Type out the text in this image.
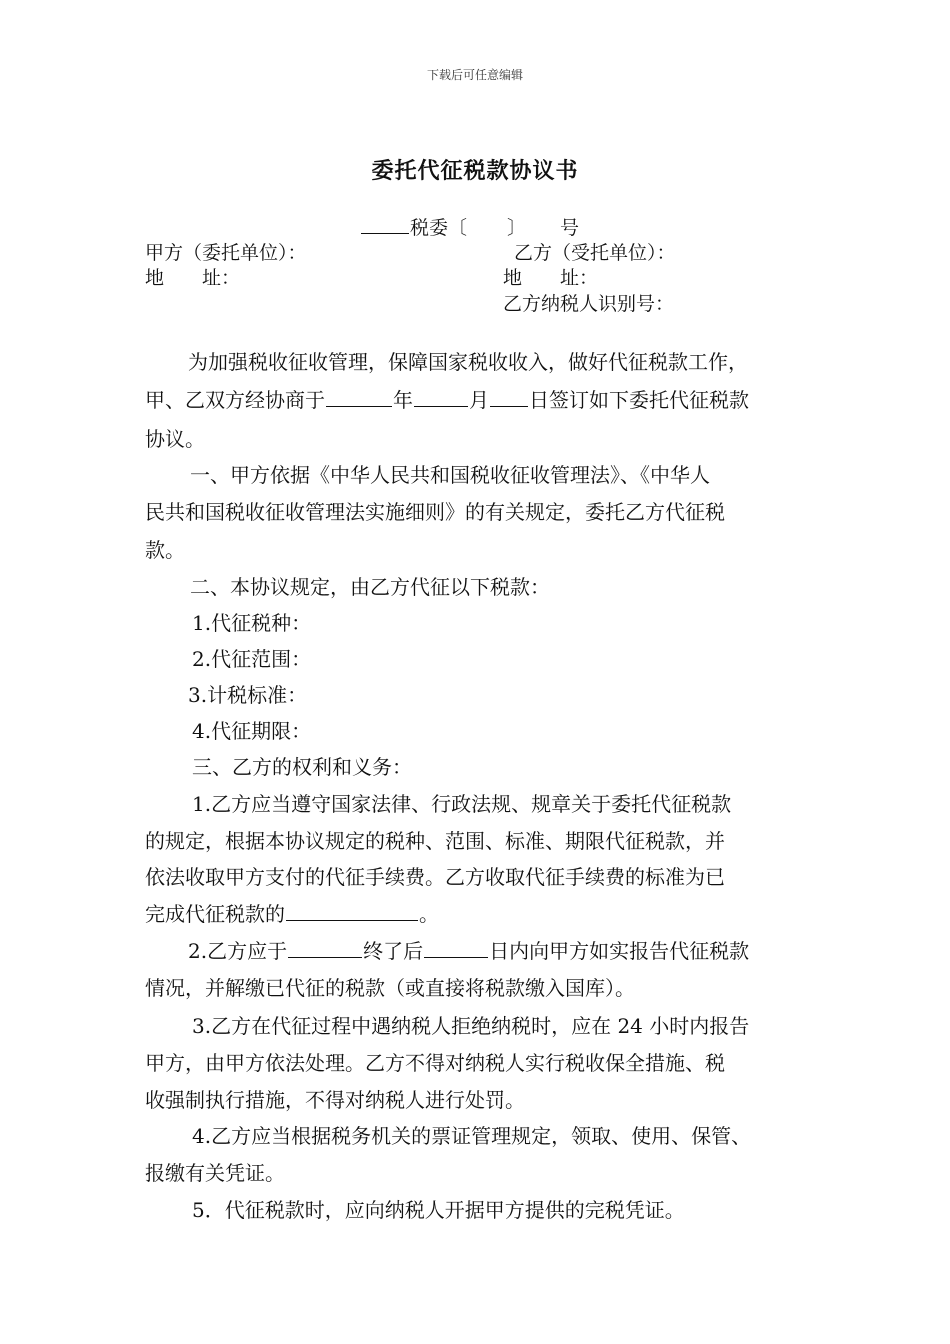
下载后可任意编辑
委托代征税款协议书
税委〔 〕 号
甲方（委托单位）：	乙方（受托单位）：
地　　址：	地　　址：
乙方纳税人识别号：
为加强税收征收管理，保障国家税收收入，做好代征税款工作，
甲、乙双方经协商于	年	月 日签订如下委托代征税款
协议。
一、甲方依据《中华人民共和国税收征收管理法》、《中华人
民共和国税收征收管理法实施细则》的有关规定，委托乙方代征税
款。
二、本协议规定，由乙方代征以下税款：
1.代征税种：
2.代征范围：
3.计税标准：
4.代征期限：
三、乙方的权利和义务：
1.乙方应当遵守国家法律、行政法规、规章关于委托代征税款
的规定，根据本协议规定的税种、范围、标准、期限代征税款，并
依法收取甲方支付的代征手续费。乙方收取代征手续费的标准为已
完成代征税款的	。
2.乙方应于	终了后	日内向甲方如实报告代征税款
情况，并解缴已代征的税款（或直接将税款缴入国库）。
3.乙方在代征过程中遇纳税人拒绝纳税时，应在 24 小时内报告
甲方，由甲方依法处理。乙方不得对纳税人实行税收保全措施、税
收强制执行措施，不得对纳税人进行处罚。
4.乙方应当根据税务机关的票证管理规定，领取、使用、保管、
报缴有关凭证。
5．代征税款时，应向纳税人开据甲方提供的完税凭证。
